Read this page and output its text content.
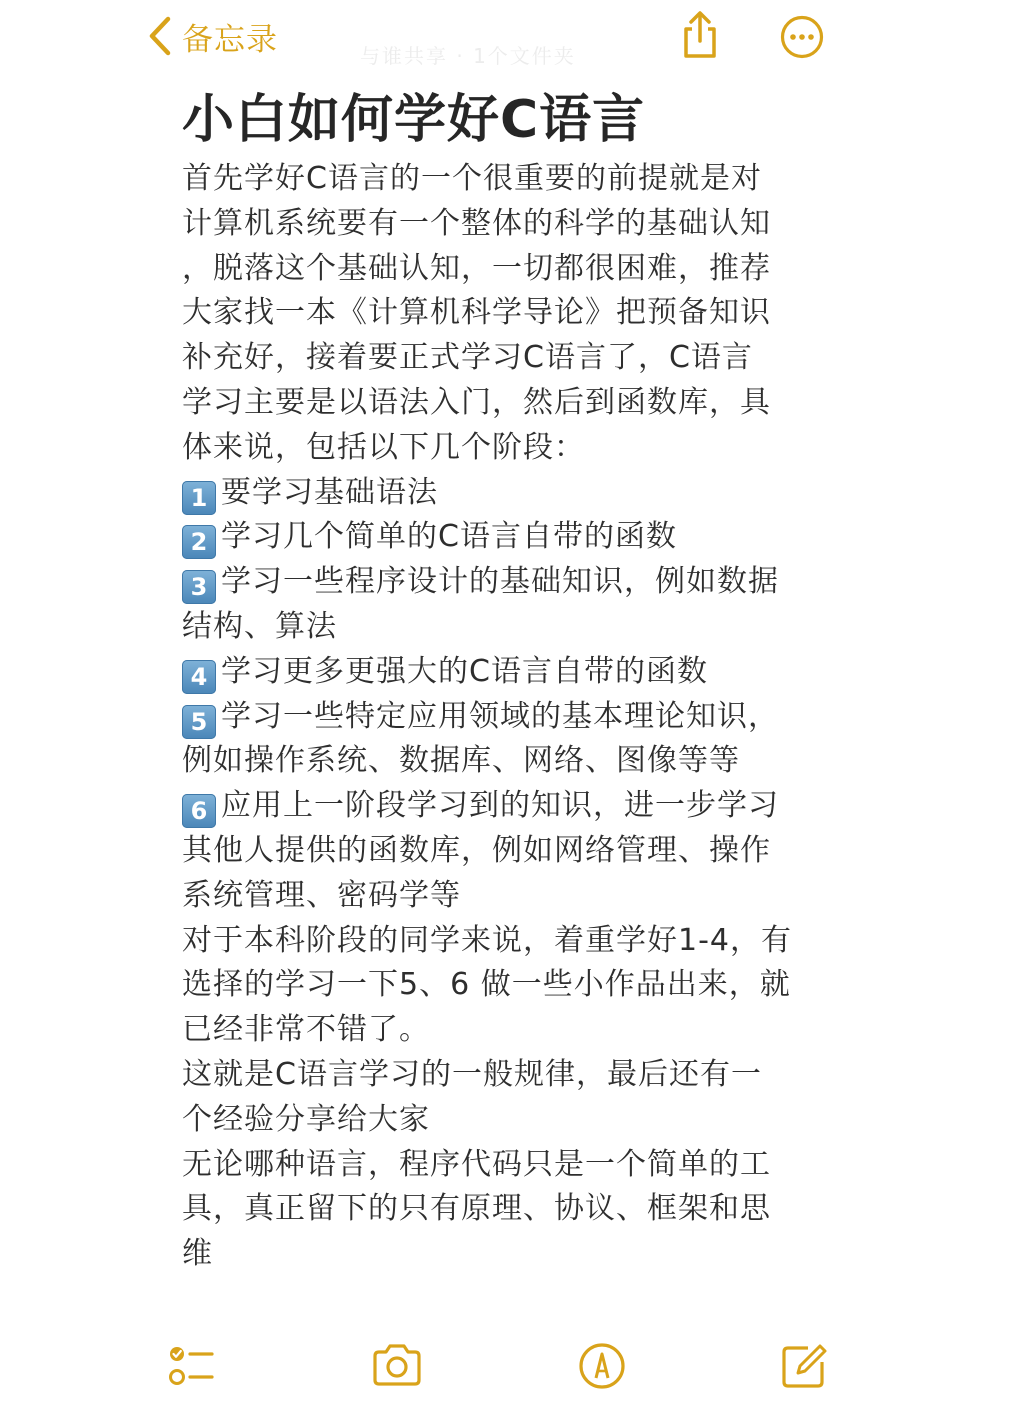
备忘录	与谁共享 · 1个文件夹
小白如何学好C语言
首先学好C语言的一个很重要的前提就是对
计算机系统要有一个整体的科学的基础认知
，脱落这个基础认知，一切都很困难，推荐
大家找一本《计算机科学导论》把预备知识
补充好，接着要正式学习C语言了，C语言
学习主要是以语法入门，然后到函数库，具
体来说，包括以下几个阶段：
1 要学习基础语法
2 学习几个简单的C语言自带的函数
3 学习一些程序设计的基础知识，例如数据
结构、算法
4 学习更多更强大的C语言自带的函数
5 学习一些特定应用领域的基本理论知识，
例如操作系统、数据库、网络、图像等等
6 应用上一阶段学习到的知识，进一步学习
其他人提供的函数库，例如网络管理、操作
系统管理、密码学等
对于本科阶段的同学来说，着重学好1-4，有
选择的学习一下5、6 做一些小作品出来，就
已经非常不错了。
这就是C语言学习的一般规律，最后还有一
个经验分享给大家
无论哪种语言，程序代码只是一个简单的工
具，真正留下的只有原理、协议、框架和思
维
